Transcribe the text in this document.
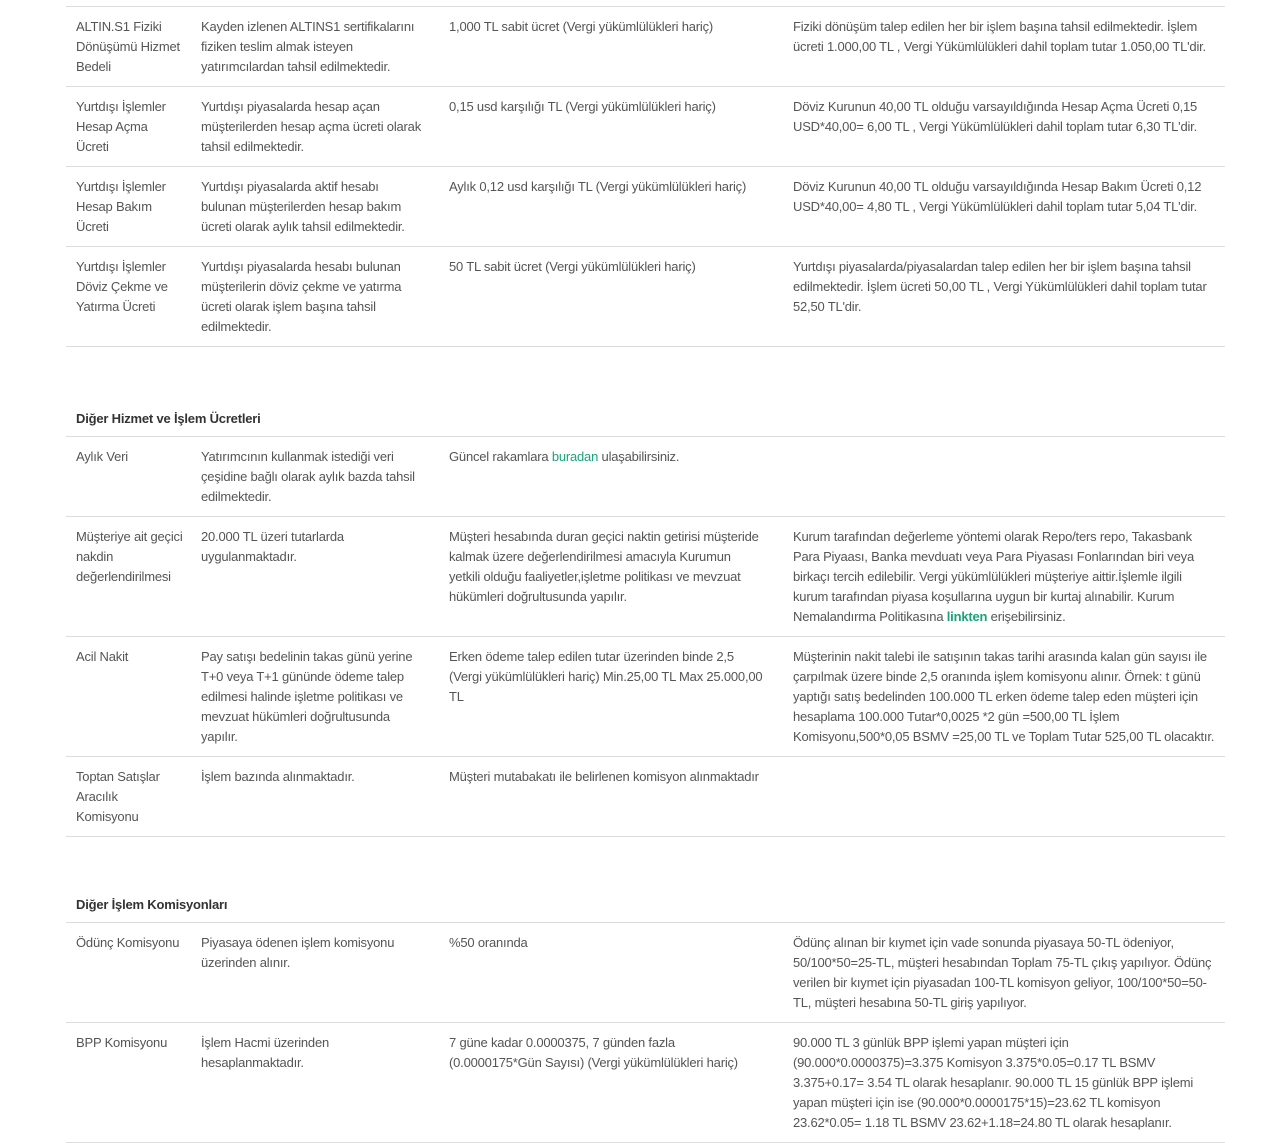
ALTIN.S1 Fiziki Dönüşümü Hizmet Bedeli	Kayden izlenen ALTINS1 sertifikalarını fiziken teslim almak isteyen yatırımcılardan tahsil edilmektedir.	1,000 TL sabit ücret (Vergi yükümlülükleri hariç)	Fiziki dönüşüm talep edilen her bir işlem başına tahsil edilmektedir. İşlem ücreti 1.000,00 TL , Vergi Yükümlülükleri dahil toplam tutar 1.050,00 TL'dir.
Yurtdışı İşlemler Hesap Açma Ücreti	Yurtdışı piyasalarda hesap açan müşterilerden hesap açma ücreti olarak tahsil edilmektedir.	0,15 usd karşılığı TL (Vergi yükümlülükleri hariç)	Döviz Kurunun 40,00 TL olduğu varsayıldığında Hesap Açma Ücreti 0,15 USD*40,00= 6,00 TL , Vergi Yükümlülükleri dahil toplam tutar 6,30 TL'dir.
Yurtdışı İşlemler Hesap Bakım Ücreti	Yurtdışı piyasalarda aktif hesabı bulunan müşterilerden hesap bakım ücreti olarak aylık tahsil edilmektedir.	Aylık 0,12 usd karşılığı TL (Vergi yükümlülükleri hariç)	Döviz Kurunun 40,00 TL olduğu varsayıldığında Hesap Bakım Ücreti 0,12 USD*40,00= 4,80 TL , Vergi Yükümlülükleri dahil toplam tutar 5,04 TL'dir.
Yurtdışı İşlemler Döviz Çekme ve Yatırma Ücreti	Yurtdışı piyasalarda hesabı bulunan müşterilerin döviz çekme ve yatırma ücreti olarak işlem başına tahsil edilmektedir.	50 TL sabit ücret (Vergi yükümlülükleri hariç)	Yurtdışı piyasalarda/piyasalardan talep edilen her bir işlem başına tahsil edilmektedir. İşlem ücreti 50,00 TL , Vergi Yükümlülükleri dahil toplam tutar 52,50 TL'dir.
Diğer Hizmet ve İşlem Ücretleri
Aylık Veri	Yatırımcının kullanmak istediği veri çeşidine bağlı olarak aylık bazda tahsil edilmektedir.	Güncel rakamlara buradan ulaşabilirsiniz.	
Müşteriye ait geçici nakdin değerlendirilmesi	20.000 TL üzeri tutarlarda uygulanmaktadır.	Müşteri hesabında duran geçici naktin getirisi müşteride kalmak üzere değerlendirilmesi amacıyla Kurumun yetkili olduğu faaliyetler,işletme politikası ve mevzuat hükümleri doğrultusunda yapılır.	Kurum tarafından değerleme yöntemi olarak Repo/ters repo, Takasbank Para Piyaası, Banka mevduatı veya Para Piyasası Fonlarından biri veya birkaçı tercih edilebilir. Vergi yükümlülükleri müşteriye aittir.İşlemle ilgili kurum tarafından piyasa koşullarına uygun bir kurtaj alınabilir. Kurum Nemalandırma Politikasına linkten erişebilirsiniz.
Acil Nakit	Pay satışı bedelinin takas günü yerine T+0 veya T+1 gününde ödeme talep edilmesi halinde işletme politikası ve mevzuat hükümleri doğrultusunda yapılır.	Erken ödeme talep edilen tutar üzerinden binde 2,5 (Vergi yükümlülükleri hariç) Min.25,00 TL Max 25.000,00 TL	Müşterinin nakit talebi ile satışının takas tarihi arasında kalan gün sayısı ile çarpılmak üzere binde 2,5 oranında işlem komisyonu alınır. Örnek: t günü yaptığı satış bedelinden 100.000 TL erken ödeme talep eden müşteri için hesaplama 100.000 Tutar*0,0025 *2 gün =500,00 TL İşlem Komisyonu,500*0,05 BSMV =25,00 TL ve Toplam Tutar 525,00 TL olacaktır.
Toptan Satışlar Aracılık Komisyonu	İşlem bazında alınmaktadır.	Müşteri mutabakatı ile belirlenen komisyon alınmaktadır	
Diğer İşlem Komisyonları
Ödünç Komisyonu	Piyasaya ödenen işlem komisyonu üzerinden alınır.	%50 oranında	Ödünç alınan bir kıymet için vade sonunda piyasaya 50-TL ödeniyor, 50/100*50=25-TL, müşteri hesabından Toplam 75-TL çıkış yapılıyor. Ödünç verilen bir kıymet için piyasadan 100-TL komisyon geliyor, 100/100*50=50-TL, müşteri hesabına 50-TL giriş yapılıyor.
BPP Komisyonu	İşlem Hacmi üzerinden hesaplanmaktadır.	7 güne kadar 0.0000375, 7 günden fazla (0.0000175*Gün Sayısı) (Vergi yükümlülükleri hariç)	90.000 TL 3 günlük BPP işlemi yapan müşteri için (90.000*0.0000375)=3.375 Komisyon 3.375*0.05=0.17 TL BSMV 3.375+0.17= 3.54 TL olarak hesaplanır. 90.000 TL 15 günlük BPP işlemi yapan müşteri için ise (90.000*0.0000175*15)=23.62 TL komisyon 23.62*0.05= 1.18 TL BSMV 23.62+1.18=24.80 TL olarak hesaplanır.
